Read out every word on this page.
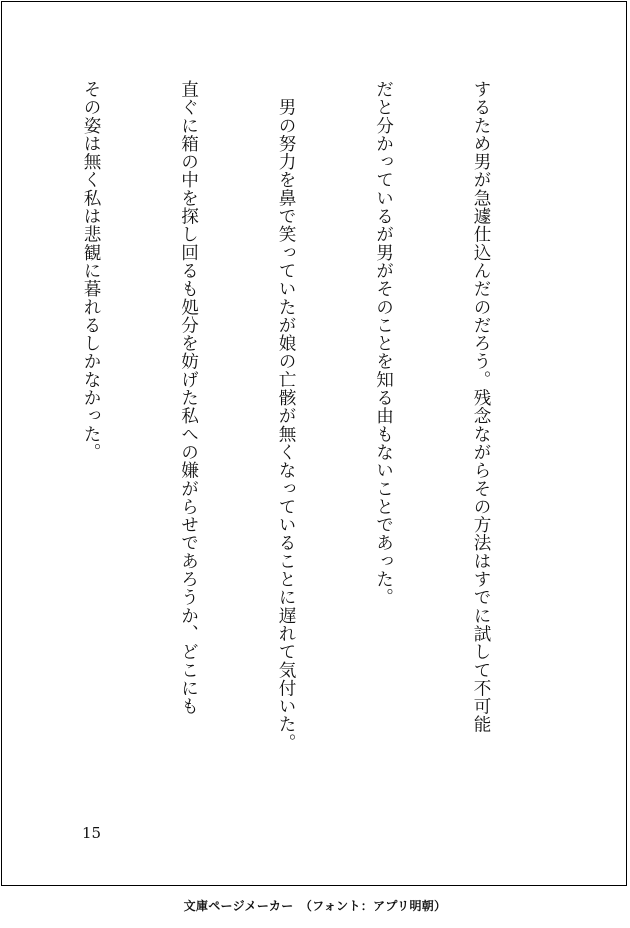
するため男が急遽仕込んだのだろう。残念ながらその方法はすでに試して不可能

だと分かっているが男がそのことを知る由もないことであった。

　男の努力を鼻で笑っていたが娘の亡骸が無くなっていることに遅れて気付いた。

直ぐに箱の中を探し回るも処分を妨げた私への嫌がらせであろうか、どこにも

その姿は無く私は悲観に暮れるしかなかった。

15
文庫ページメーカー　（フォント：アプリ明朝）
